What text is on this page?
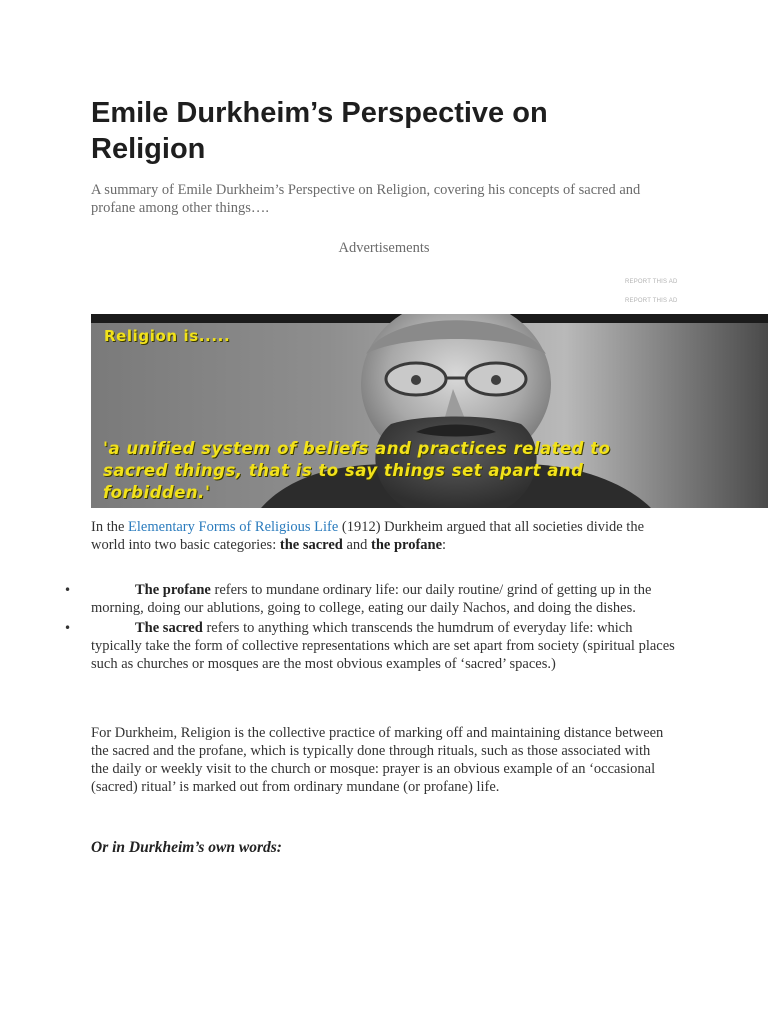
Emile Durkheim’s Perspective on Religion

A summary of Emile Durkheim’s Perspective on Religion, covering his concepts of sacred and profane among other things….

Advertisements
REPORT THIS AD
REPORT THIS AD
Religion is.....

'a unified system of beliefs and practices related to
sacred things, that is to say things set apart and
forbidden.'

In the Elementary Forms of Religious Life (1912) Durkheim argued that all societies divide the world into two basic categories: the sacred and the profane:

•	The profane refers to mundane ordinary life: our daily routine/ grind of getting up in the morning, doing our ablutions, going to college, eating our daily Nachos, and doing the dishes.
•	The sacred refers to anything which transcends the humdrum of everyday life: which typically take the form of collective representations which are set apart from society (spiritual places such as churches or mosques are the most obvious examples of ‘sacred’ spaces.)

For Durkheim, Religion is the collective practice of marking off and maintaining distance between the sacred and the profane, which is typically done through rituals, such as those associated with the daily or weekly visit to the church or mosque: prayer is an obvious example of an ‘occasional (sacred) ritual’ is marked out from ordinary mundane (or profane) life.

Or in Durkheim’s own words:
